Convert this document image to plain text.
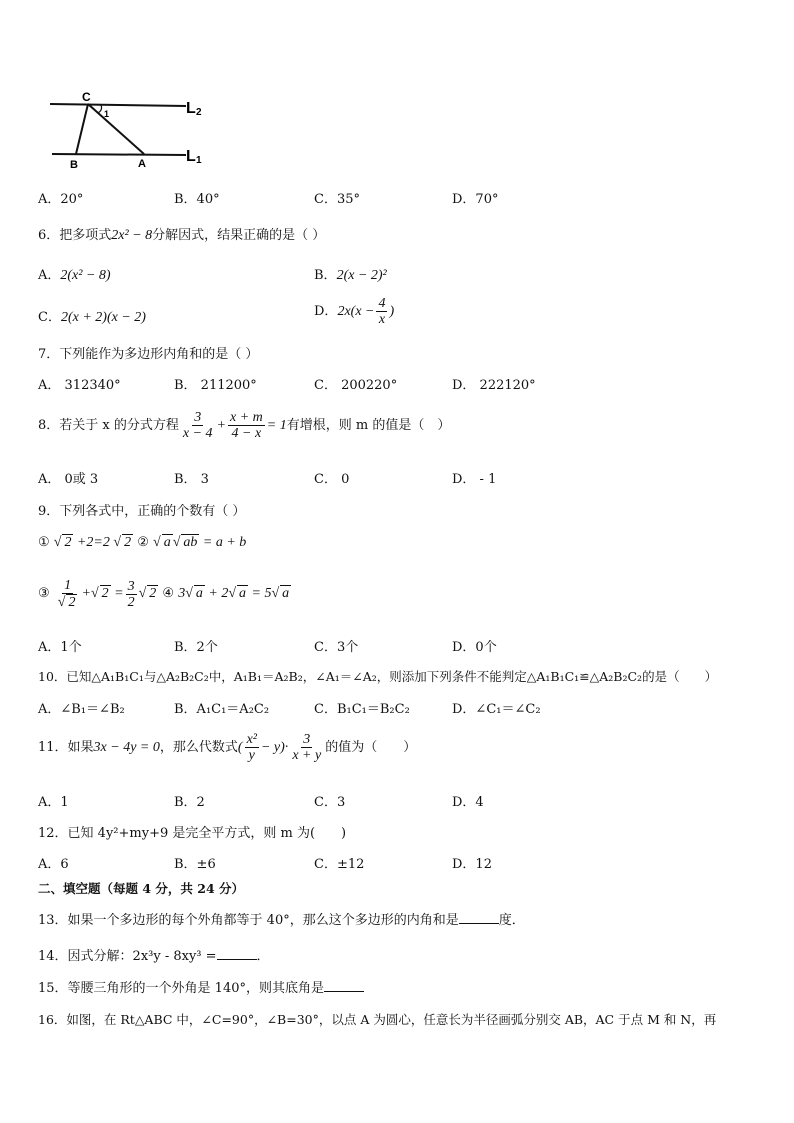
C
1
B	A
L 2
L 1
A．20°	B．40°	C．35°	D．70°
6．把多项式2x² − 8分解因式，结果正确的是（ ）
A．2(x² − 8)	B．2(x − 2)²
C．2(x + 2)(x − 2)	D．$2x(x - \frac{4}{x}$ )
7．下列能作为多边形内角和的是（ ）
A． 312340°	B． 211200°	C． 200220°	D． 222120°
8．若关于 x 的分式方程 $\frac{3}{x - 4} + \frac{x + m}{4 - x} = 1$有增根，则 m 的值是（　）
A． 0或 3	B． 3	C． 0	D． - 1
9．下列各式中，正确的个数有（ ）
① √ 2 +2=2 √ 2 ② √ a √ ab = a + b
③ $\frac{1}{√ 2}$ +√ $2 = \frac{3}{2}$ √ 2 ④ 3√ a + 2√ a = 5√ a
A．1个	B．2个	C．3个	D．0个
10．已知△A₁B₁C₁与△A₂B₂C₂中，A₁B₁＝A₂B₂，∠A₁＝∠A₂，则添加下列条件不能判定△A₁B₁C₁≌△A₂B₂C₂的是（　　）
A．∠B₁＝∠B₂	B．A₁C₁＝A₂C₂	C．B₁C₁＝B₂C₂	D．∠C₁＝∠C₂
11．如果3x − 4y = 0，那么代数式( $\frac{\text{x²}}{y} - y)\cdot \frac{3}{x + y}$ 的值为（　　）
A．1	B．2	C．3	D．4
12．已知 4y²+my+9 是完全平方式，则 m 为(　　)
A．6	B．±6	C．±12	D．12
二、填空题（每题 4 分，共 24 分）
13．如果一个多边形的每个外角都等于 40°，那么这个多边形的内角和是	度．
14．因式分解：2x³y - 8xy³ =	．
15．等腰三角形的一个外角是 140°，则其底角是
16．如图，在 Rt△ABC 中，∠C=90°，∠B=30°，以点 A 为圆心，任意长为半径画弧分别交 AB，AC 于点 M 和 N，再
